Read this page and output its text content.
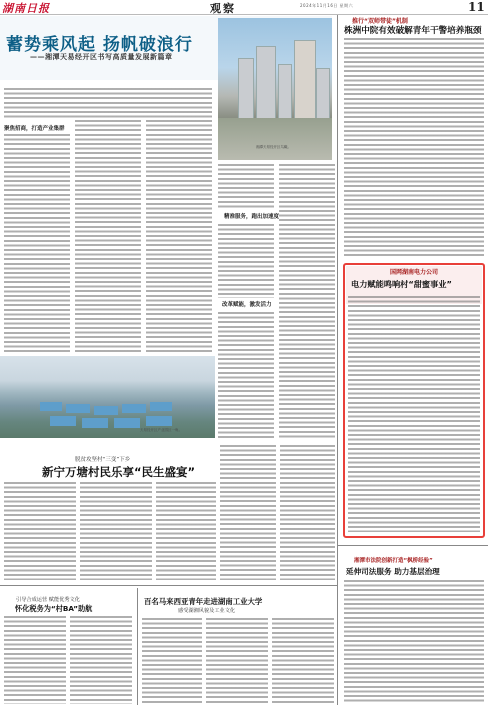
湖南日报	观察	2024年11月16日 星期六	11
蓄势乘风起 扬帆破浪行
——湘潭天易经开区书写高质量发展新篇章
湘潭天易经开区鸟瞰。
聚焦招商，打造产业集群
精准服务，跑出加速度
改革赋能，激发活力
天易经开区产业园区一角。
脱贫攻坚村“三变”下乡
新宁万塘村民乐享“民生盛宴”
推行“双师带徒”机制
株洲中院有效破解青年干警培养瓶颈
国网湖南电力公司
电力赋能鸣响村“甜蜜事业”
湘潭市法院创新打造“枫桥经验”
延伸司法服务 助力基层治理
引导合成运营 赋能优秀文化
怀化税务为“村BA”助航
百名马来西亚青年走进湖南工业大学
感受湖湘风貌及工业文化
